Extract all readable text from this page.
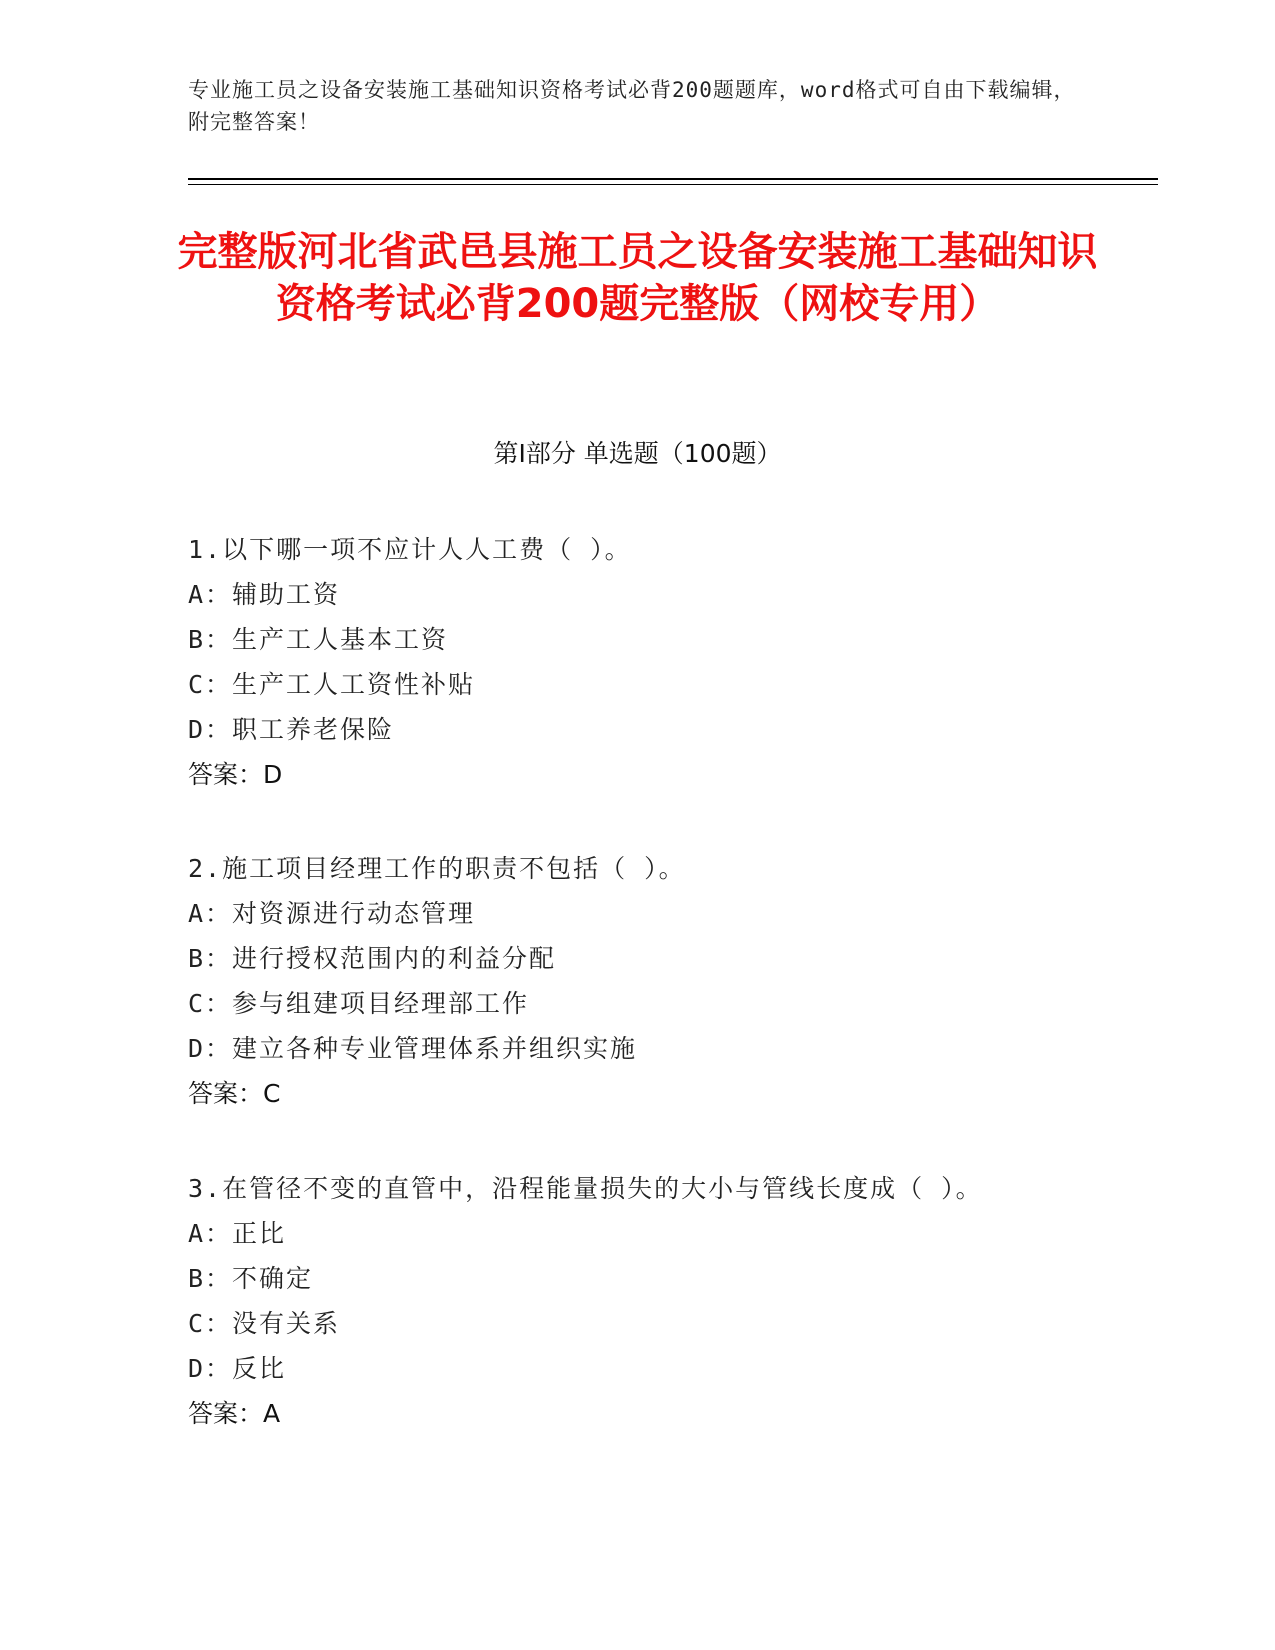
专业施工员之设备安装施工基础知识资格考试必背200题题库，word格式可自由下载编辑，附完整答案！
完整版河北省武邑县施工员之设备安装施工基础知识资格考试必背200题完整版（网校专用）
第Ⅰ部分 单选题（100题）
1.以下哪一项不应计人人工费（ ）。
A：辅助工资
B：生产工人基本工资
C：生产工人工资性补贴
D：职工养老保险
答案：D
2.施工项目经理工作的职责不包括（ ）。
A：对资源进行动态管理
B：进行授权范围内的利益分配
C：参与组建项目经理部工作
D：建立各种专业管理体系并组织实施
答案：C
3.在管径不变的直管中，沿程能量损失的大小与管线长度成（ ）。
A：正比
B：不确定
C：没有关系
D：反比
答案：A
